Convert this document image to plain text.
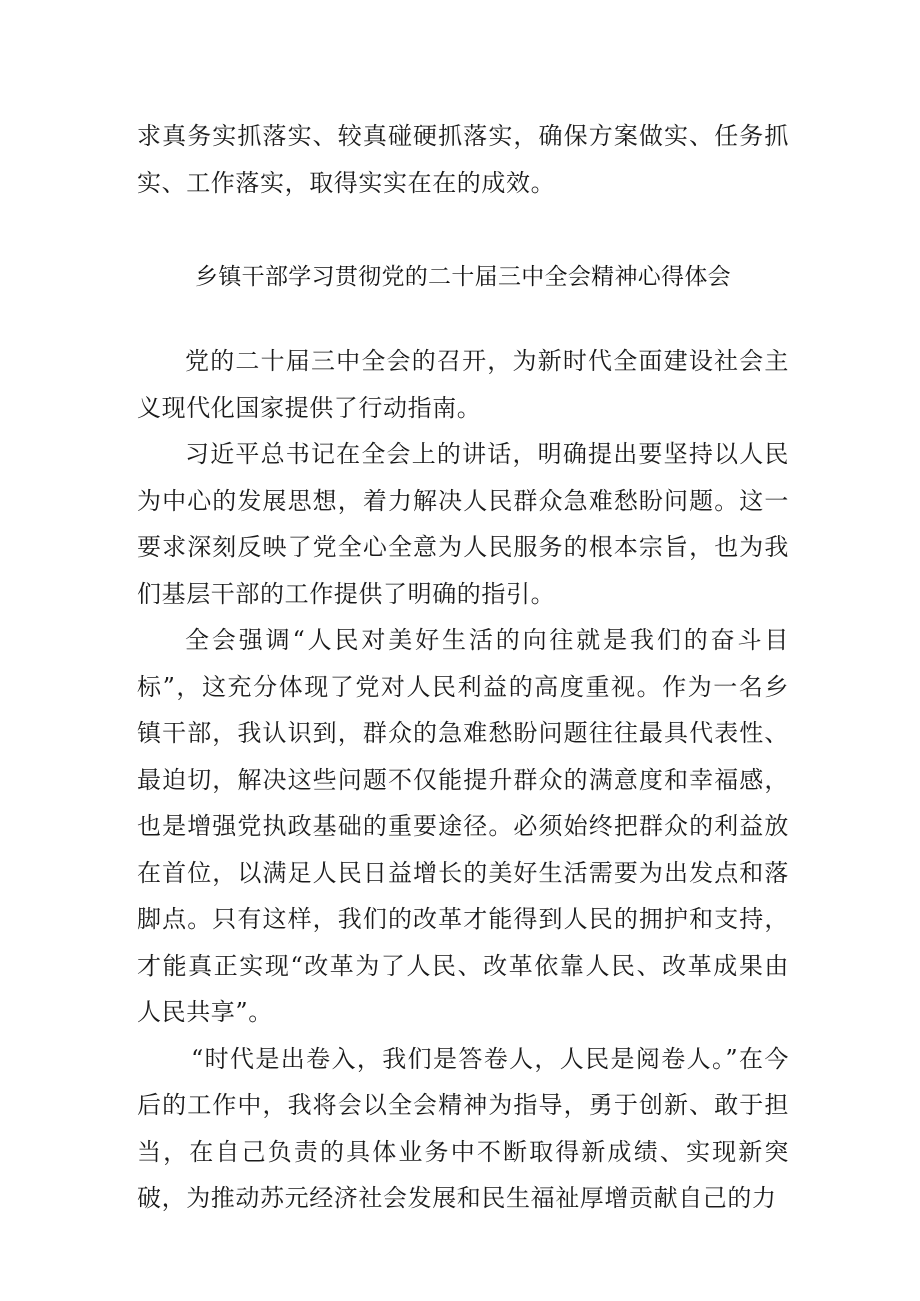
求真务实抓落实、较真碰硬抓落实，确保方案做实、任务抓实、工作落实，取得实实在在的成效。

乡镇干部学习贯彻党的二十届三中全会精神心得体会

党的二十届三中全会的召开，为新时代全面建设社会主义现代化国家提供了行动指南。

习近平总书记在全会上的讲话，明确提出要坚持以人民为中心的发展思想，着力解决人民群众急难愁盼问题。这一要求深刻反映了党全心全意为人民服务的根本宗旨，也为我们基层干部的工作提供了明确的指引。

全会强调“人民对美好生活的向往就是我们的奋斗目标”，这充分体现了党对人民利益的高度重视。作为一名乡镇干部，我认识到，群众的急难愁盼问题往往最具代表性、最迫切，解决这些问题不仅能提升群众的满意度和幸福感，也是增强党执政基础的重要途径。必须始终把群众的利益放在首位，以满足人民日益增长的美好生活需要为出发点和落脚点。只有这样，我们的改革才能得到人民的拥护和支持，才能真正实现“改革为了人民、改革依靠人民、改革成果由人民共享”。

“时代是出卷入，我们是答卷人，人民是阅卷人。”在今后的工作中，我将会以全会精神为指导，勇于创新、敢于担当，在自己负责的具体业务中不断取得新成绩、实现新突破，为推动苏元经济社会发展和民生福祉厚增贡献自己的力
